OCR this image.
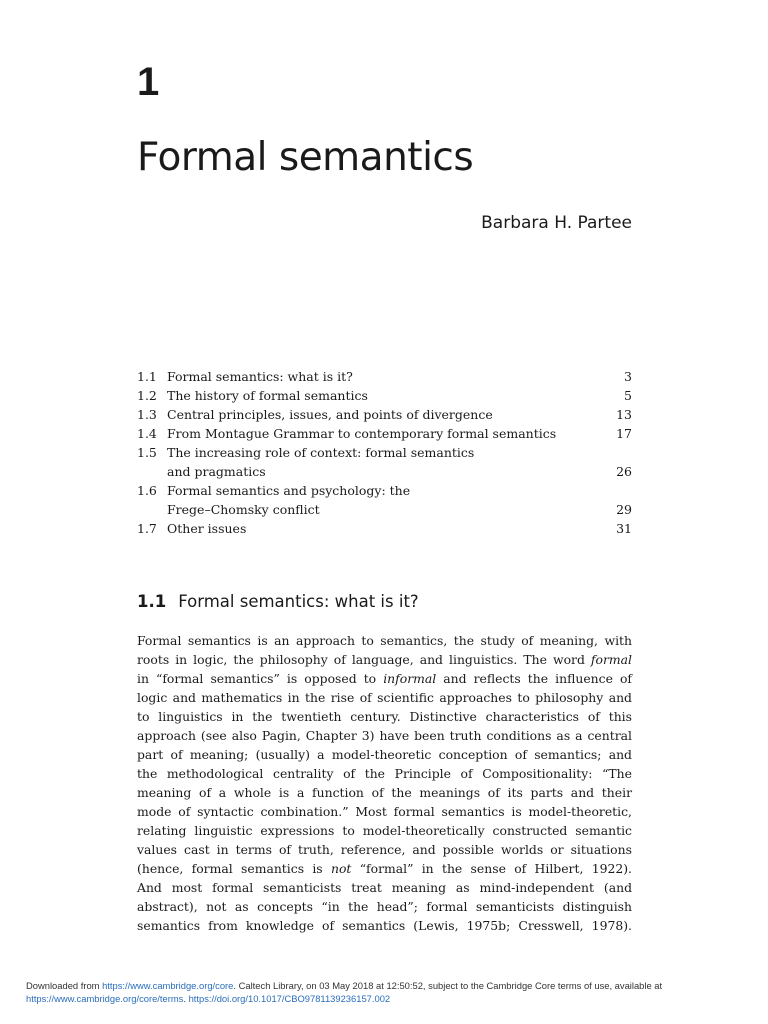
1
Formal semantics
Barbara H. Partee
1.1 Formal semantics: what is it?	3
1.2 The history of formal semantics	5
1.3 Central principles, issues, and points of divergence	13
1.4 From Montague Grammar to contemporary formal semantics	17
1.5 The increasing role of context: formal semantics
and pragmatics	26
1.6 Formal semantics and psychology: the
Frege–Chomsky conflict	29
1.7 Other issues	31
1.1 Formal semantics: what is it?
Formal semantics is an approach to semantics, the study of meaning, with
roots in logic, the philosophy of language, and linguistics. The word formal
in “formal semantics” is opposed to informal and reflects the influence of
logic and mathematics in the rise of scientific approaches to philosophy and
to linguistics in the twentieth century. Distinctive characteristics of this
approach (see also Pagin, Chapter 3) have been truth conditions as a central
part of meaning; (usually) a model-theoretic conception of semantics; and
the methodological centrality of the Principle of Compositionality: “The
meaning of a whole is a function of the meanings of its parts and their
mode of syntactic combination.” Most formal semantics is model-theoretic,
relating linguistic expressions to model-theoretically constructed semantic
values cast in terms of truth, reference, and possible worlds or situations
(hence, formal semantics is not “formal” in the sense of Hilbert, 1922).
And most formal semanticists treat meaning as mind-independent (and
abstract), not as concepts “in the head”; formal semanticists distinguish
semantics from knowledge of semantics (Lewis, 1975b; Cresswell, 1978).
Downloaded from https://www.cambridge.org/core. Caltech Library, on 03 May 2018 at 12:50:52, subject to the Cambridge Core terms of use, available at
https://www.cambridge.org/core/terms. https://doi.org/10.1017/CBO9781139236157.002
